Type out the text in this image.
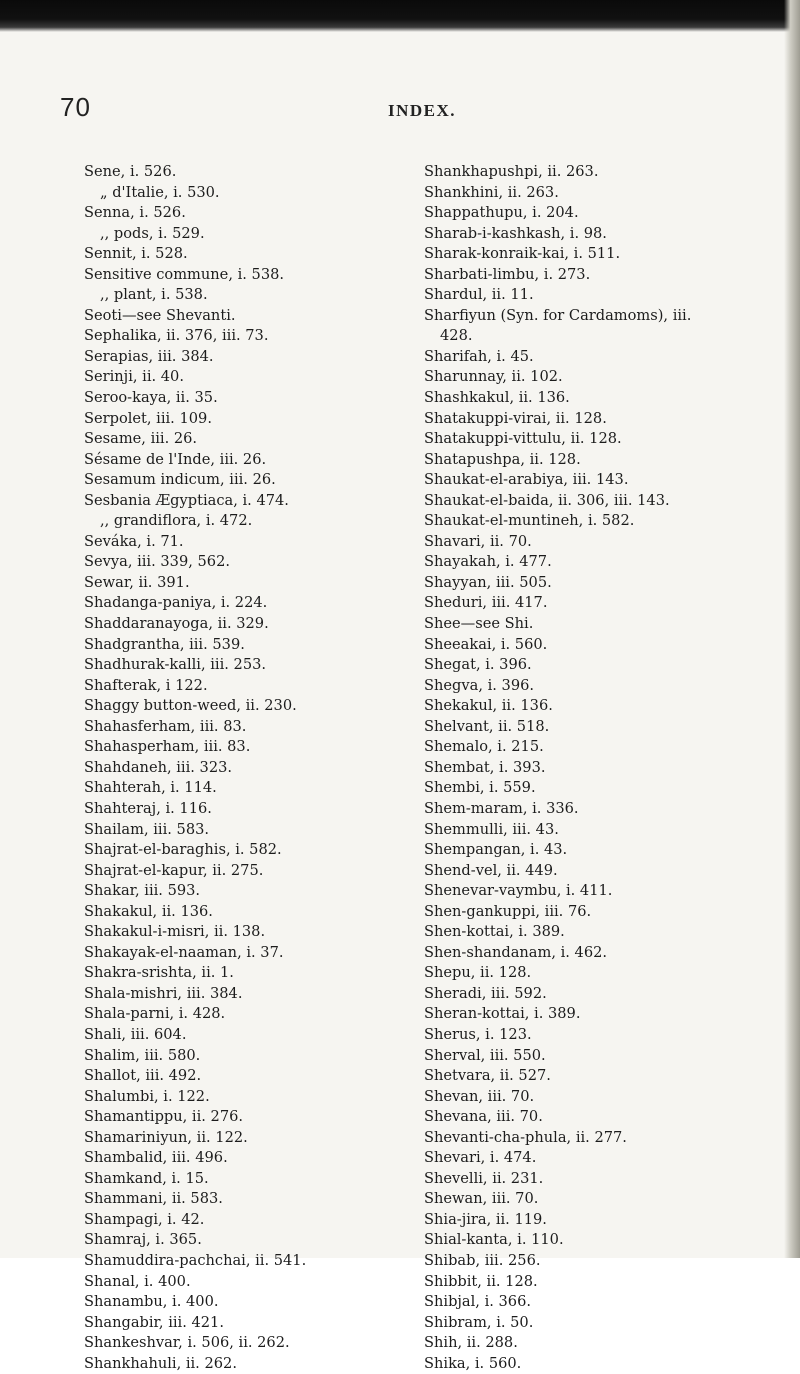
70	INDEX.
Sene, i. 526.
„ d'Italie, i. 530.
Senna, i. 526.
,, pods, i. 529.
Sennit, i. 528.
Sensitive commune, i. 538.
,, plant, i. 538.
Seoti—see Shevanti.
Sephalika, ii. 376, iii. 73.
Serapias, iii. 384.
Serinji, ii. 40.
Seroo-kaya, ii. 35.
Serpolet, iii. 109.
Sesame, iii. 26.
Sésame de l'Inde, iii. 26.
Sesamum indicum, iii. 26.
Sesbania Ægyptiaca, i. 474.
,, grandiflora, i. 472.
Seváka, i. 71.
Sevya, iii. 339, 562.
Sewar, ii. 391.
Shadanga-paniya, i. 224.
Shaddaranayoga, ii. 329.
Shadgrantha, iii. 539.
Shadhurak-kalli, iii. 253.
Shafterak, i 122.
Shaggy button-weed, ii. 230.
Shahasferham, iii. 83.
Shahasperham, iii. 83.
Shahdaneh, iii. 323.
Shahterah, i. 114.
Shahteraj, i. 116.
Shailam, iii. 583.
Shajrat-el-baraghis, i. 582.
Shajrat-el-kapur, ii. 275.
Shakar, iii. 593.
Shakakul, ii. 136.
Shakakul-i-misri, ii. 138.
Shakayak-el-naaman, i. 37.
Shakra-srishta, ii. 1.
Shala-mishri, iii. 384.
Shala-parni, i. 428.
Shali, iii. 604.
Shalim, iii. 580.
Shallot, iii. 492.
Shalumbi, i. 122.
Shamantippu, ii. 276.
Shamariniyun, ii. 122.
Shambalid, iii. 496.
Shamkand, i. 15.
Shammani, ii. 583.
Shampagi, i. 42.
Shamraj, i. 365.
Shamuddira-pachchai, ii. 541.
Shanal, i. 400.
Shanambu, i. 400.
Shangabir, iii. 421.
Shankeshvar, i. 506, ii. 262.
Shankhahuli, ii. 262.
Shankhapushpi, ii. 263.
Shankhini, ii. 263.
Shappathupu, i. 204.
Sharab-i-kashkash, i. 98.
Sharak-konraik-kai, i. 511.
Sharbati-limbu, i. 273.
Shardul, ii. 11.
Sharfiyun (Syn. for Cardamoms), iii.
428.
Sharifah, i. 45.
Sharunnay, ii. 102.
Shashkakul, ii. 136.
Shatakuppi-virai, ii. 128.
Shatakuppi-vittulu, ii. 128.
Shatapushpa, ii. 128.
Shaukat-el-arabiya, iii. 143.
Shaukat-el-baida, ii. 306, iii. 143.
Shaukat-el-muntineh, i. 582.
Shavari, ii. 70.
Shayakah, i. 477.
Shayyan, iii. 505.
Sheduri, iii. 417.
Shee—see Shi.
Sheeakai, i. 560.
Shegat, i. 396.
Shegva, i. 396.
Shekakul, ii. 136.
Shelvant, ii. 518.
Shemalo, i. 215.
Shembat, i. 393.
Shembi, i. 559.
Shem-maram, i. 336.
Shemmulli, iii. 43.
Shempangan, i. 43.
Shend-vel, ii. 449.
Shenevar-vaymbu, i. 411.
Shen-gankuppi, iii. 76.
Shen-kottai, i. 389.
Shen-shandanam, i. 462.
Shepu, ii. 128.
Sheradi, iii. 592.
Sheran-kottai, i. 389.
Sherus, i. 123.
Sherval, iii. 550.
Shetvara, ii. 527.
Shevan, iii. 70.
Shevana, iii. 70.
Shevanti-cha-phula, ii. 277.
Shevari, i. 474.
Shevelli, ii. 231.
Shewan, iii. 70.
Shia-jira, ii. 119.
Shial-kanta, i. 110.
Shibab, iii. 256.
Shibbit, ii. 128.
Shibjal, i. 366.
Shibram, i. 50.
Shih, ii. 288.
Shika, i. 560.
